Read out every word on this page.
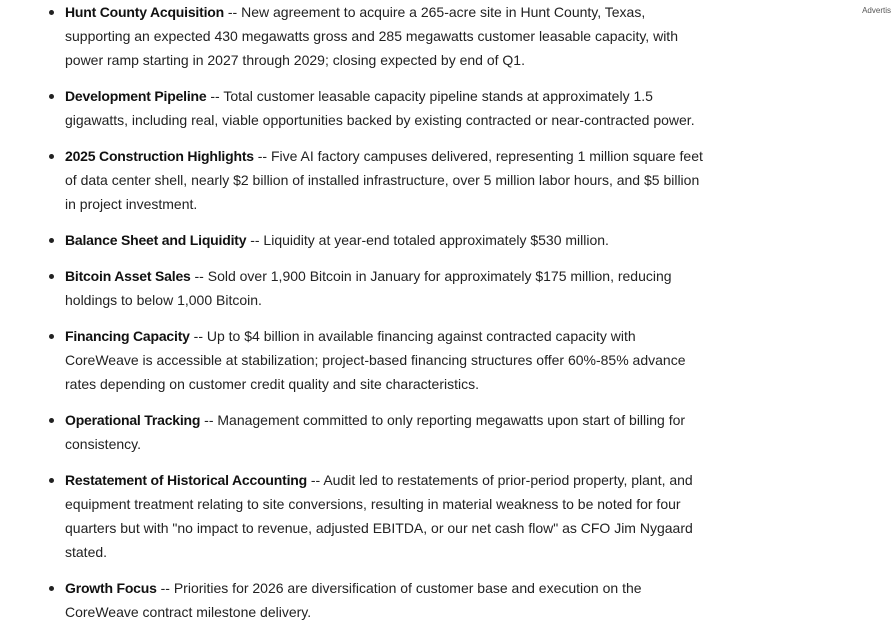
Hunt County Acquisition -- New agreement to acquire a 265-acre site in Hunt County, Texas, supporting an expected 430 megawatts gross and 285 megawatts customer leasable capacity, with power ramp starting in 2027 through 2029; closing expected by end of Q1.
Development Pipeline -- Total customer leasable capacity pipeline stands at approximately 1.5 gigawatts, including real, viable opportunities backed by existing contracted or near-contracted power.
2025 Construction Highlights -- Five AI factory campuses delivered, representing 1 million square feet of data center shell, nearly $2 billion of installed infrastructure, over 5 million labor hours, and $5 billion in project investment.
Balance Sheet and Liquidity -- Liquidity at year-end totaled approximately $530 million.
Bitcoin Asset Sales -- Sold over 1,900 Bitcoin in January for approximately $175 million, reducing holdings to below 1,000 Bitcoin.
Financing Capacity -- Up to $4 billion in available financing against contracted capacity with CoreWeave is accessible at stabilization; project-based financing structures offer 60%-85% advance rates depending on customer credit quality and site characteristics.
Operational Tracking -- Management committed to only reporting megawatts upon start of billing for consistency.
Restatement of Historical Accounting -- Audit led to restatements of prior-period property, plant, and equipment treatment relating to site conversions, resulting in material weakness to be noted for four quarters but with "no impact to revenue, adjusted EBITDA, or our net cash flow" as CFO Jim Nygaard stated.
Growth Focus -- Priorities for 2026 are diversification of customer base and execution on the CoreWeave contract milestone delivery.
Advertis
